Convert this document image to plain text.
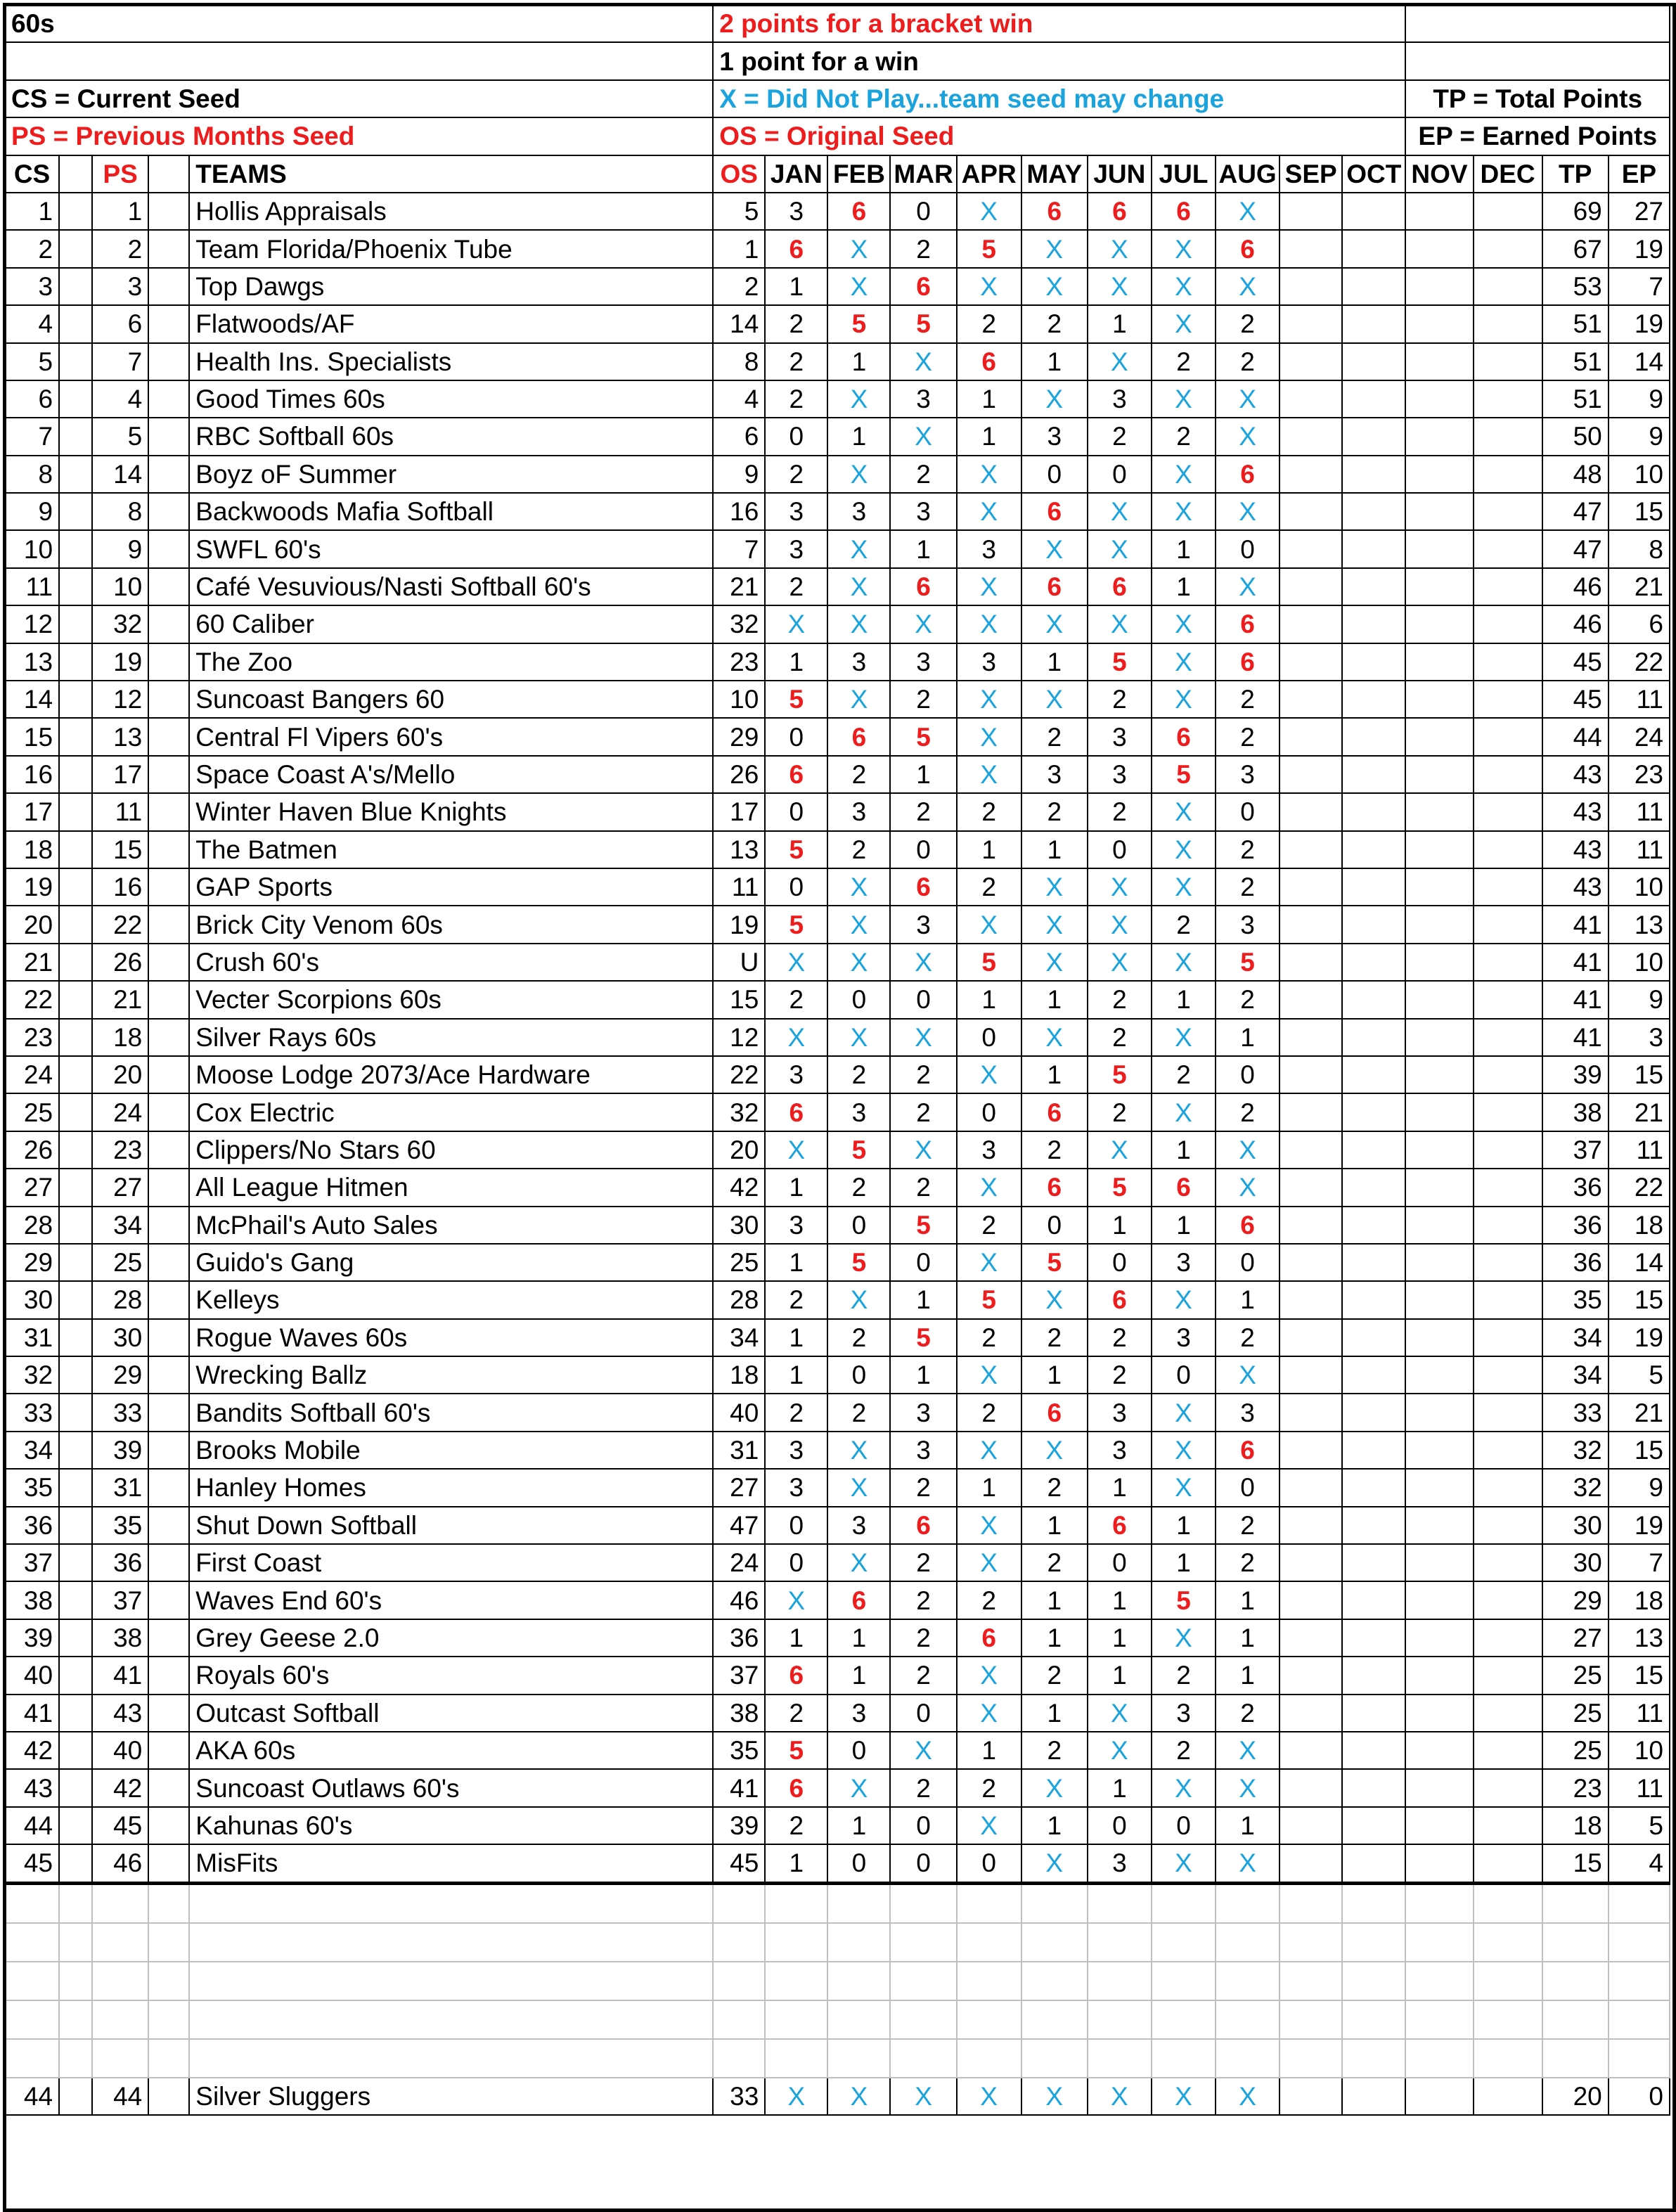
60s					2 points for a bracket win														
					1 point for a win														
CS = Current Seed					X = Did Not Play...team seed may change											TP = Total Points			
PS = Previous Months Seed					OS = Original Seed											EP = Earned Points			
CS		PS		TEAMS	OS	JAN	FEB	MAR	APR	MAY	JUN	JUL	AUG	SEP	OCT	NOV	DEC	TP	EP
1		1		Hollis Appraisals	5	3	6	0	X	6	6	6	X					69	27
2		2		Team Florida/Phoenix Tube	1	6	X	2	5	X	X	X	6					67	19
3		3		Top Dawgs	2	1	X	6	X	X	X	X	X					53	7
4		6		Flatwoods/AF	14	2	5	5	2	2	1	X	2					51	19
5		7		Health Ins. Specialists	8	2	1	X	6	1	X	2	2					51	14
6		4		Good Times 60s	4	2	X	3	1	X	3	X	X					51	9
7		5		RBC Softball 60s	6	0	1	X	1	3	2	2	X					50	9
8		14		Boyz oF Summer	9	2	X	2	X	0	0	X	6					48	10
9		8		Backwoods Mafia Softball	16	3	3	3	X	6	X	X	X					47	15
10		9		SWFL 60's	7	3	X	1	3	X	X	1	0					47	8
11		10		Café Vesuvious/Nasti Softball 60's	21	2	X	6	X	6	6	1	X					46	21
12		32		60 Caliber	32	X	X	X	X	X	X	X	6					46	6
13		19		The Zoo	23	1	3	3	3	1	5	X	6					45	22
14		12		Suncoast Bangers 60	10	5	X	2	X	X	2	X	2					45	11
15		13		Central Fl Vipers 60's	29	0	6	5	X	2	3	6	2					44	24
16		17		Space Coast A's/Mello	26	6	2	1	X	3	3	5	3					43	23
17		11		Winter Haven Blue Knights	17	0	3	2	2	2	2	X	0					43	11
18		15		The Batmen	13	5	2	0	1	1	0	X	2					43	11
19		16		GAP Sports	11	0	X	6	2	X	X	X	2					43	10
20		22		Brick City Venom 60s	19	5	X	3	X	X	X	2	3					41	13
21		26		Crush 60's	U	X	X	X	5	X	X	X	5					41	10
22		21		Vecter Scorpions 60s	15	2	0	0	1	1	2	1	2					41	9
23		18		Silver Rays 60s	12	X	X	X	0	X	2	X	1					41	3
24		20		Moose Lodge 2073/Ace Hardware	22	3	2	2	X	1	5	2	0					39	15
25		24		Cox Electric	32	6	3	2	0	6	2	X	2					38	21
26		23		Clippers/No Stars 60	20	X	5	X	3	2	X	1	X					37	11
27		27		All League Hitmen	42	1	2	2	X	6	5	6	X					36	22
28		34		McPhail's Auto Sales	30	3	0	5	2	0	1	1	6					36	18
29		25		Guido's Gang	25	1	5	0	X	5	0	3	0					36	14
30		28		Kelleys	28	2	X	1	5	X	6	X	1					35	15
31		30		Rogue Waves 60s	34	1	2	5	2	2	2	3	2					34	19
32		29		Wrecking Ballz	18	1	0	1	X	1	2	0	X					34	5
33		33		Bandits Softball 60's	40	2	2	3	2	6	3	X	3					33	21
34		39		Brooks Mobile	31	3	X	3	X	X	3	X	6					32	15
35		31		Hanley Homes	27	3	X	2	1	2	1	X	0					32	9
36		35		Shut Down Softball	47	0	3	6	X	1	6	1	2					30	19
37		36		First Coast	24	0	X	2	X	2	0	1	2					30	7
38		37		Waves End 60's	46	X	6	2	2	1	1	5	1					29	18
39		38		Grey Geese 2.0	36	1	1	2	6	1	1	X	1					27	13
40		41		Royals 60's	37	6	1	2	X	2	1	2	1					25	15
41		43		Outcast Softball	38	2	3	0	X	1	X	3	2					25	11
42		40		AKA 60s	35	5	0	X	1	2	X	2	X					25	10
43		42		Suncoast Outlaws 60's	41	6	X	2	2	X	1	X	X					23	11
44		45		Kahunas 60's	39	2	1	0	X	1	0	0	1					18	5
45		46		MisFits	45	1	0	0	0	X	3	X	X					15	4

44		44		Silver Sluggers	33	X	X	X	X	X	X	X	X					20	0
